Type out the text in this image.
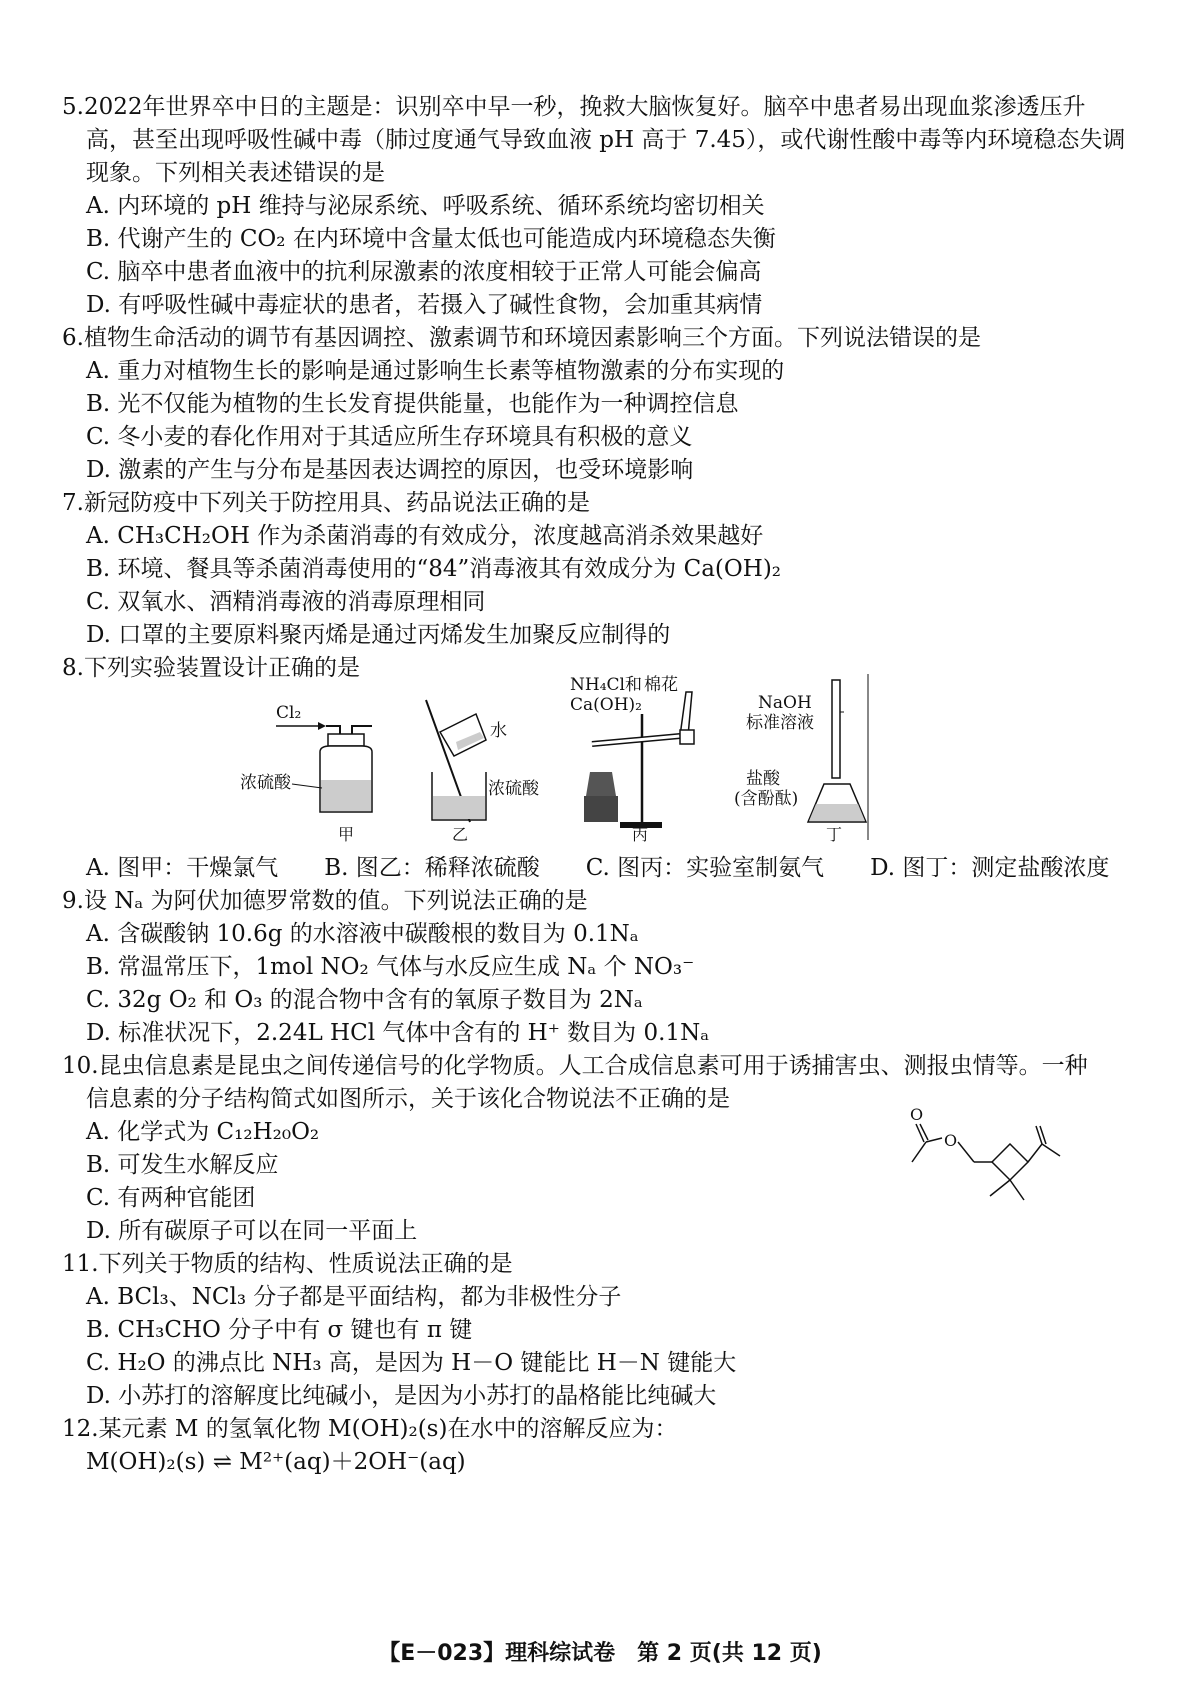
5.2022年世界卒中日的主题是：识别卒中早一秒，挽救大脑恢复好。脑卒中患者易出现血浆渗透压升
高，甚至出现呼吸性碱中毒（肺过度通气导致血液 pH 高于 7.45），或代谢性酸中毒等内环境稳态失调
现象。下列相关表述错误的是
A. 内环境的 pH 维持与泌尿系统、呼吸系统、循环系统均密切相关
B. 代谢产生的 CO₂ 在内环境中含量太低也可能造成内环境稳态失衡
C. 脑卒中患者血液中的抗利尿激素的浓度相较于正常人可能会偏高
D. 有呼吸性碱中毒症状的患者，若摄入了碱性食物，会加重其病情
6.植物生命活动的调节有基因调控、激素调节和环境因素影响三个方面。下列说法错误的是
A. 重力对植物生长的影响是通过影响生长素等植物激素的分布实现的
B. 光不仅能为植物的生长发育提供能量，也能作为一种调控信息
C. 冬小麦的春化作用对于其适应所生存环境具有积极的意义
D. 激素的产生与分布是基因表达调控的原因，也受环境影响
7.新冠防疫中下列关于防控用具、药品说法正确的是
A. CH₃CH₂OH 作为杀菌消毒的有效成分，浓度越高消杀效果越好
B. 环境、餐具等杀菌消毒使用的“84”消毒液其有效成分为 Ca(OH)₂
C. 双氧水、酒精消毒液的消毒原理相同
D. 口罩的主要原料聚丙烯是通过丙烯发生加聚反应制得的
8.下列实验装置设计正确的是
A. 图甲：干燥氯气　　B. 图乙：稀释浓硫酸　　C. 图丙：实验室制氨气　　D. 图丁：测定盐酸浓度
9.设 Nₐ 为阿伏加德罗常数的值。下列说法正确的是
A. 含碳酸钠 10.6g 的水溶液中碳酸根的数目为 0.1Nₐ
B. 常温常压下，1mol NO₂ 气体与水反应生成 Nₐ 个 NO₃⁻
C. 32g O₂ 和 O₃ 的混合物中含有的氧原子数目为 2Nₐ
D. 标准状况下，2.24L HCl 气体中含有的 H⁺ 数目为 0.1Nₐ
10.昆虫信息素是昆虫之间传递信号的化学物质。人工合成信息素可用于诱捕害虫、测报虫情等。一种
信息素的分子结构简式如图所示，关于该化合物说法不正确的是
A. 化学式为 C₁₂H₂₀O₂
B. 可发生水解反应
C. 有两种官能团
D. 所有碳原子可以在同一平面上
11.下列关于物质的结构、性质说法正确的是
A. BCl₃、NCl₃ 分子都是平面结构，都为非极性分子
B. CH₃CHO 分子中有 σ 键也有 π 键
C. H₂O 的沸点比 NH₃ 高，是因为 H－O 键能比 H－N 键能大
D. 小苏打的溶解度比纯碱小，是因为小苏打的晶格能比纯碱大
12.某元素 M 的氢氧化物 M(OH)₂(s)在水中的溶解反应为：
M(OH)₂(s) ⇌ M²⁺(aq)＋2OH⁻(aq)
Cl₂
浓硫酸
甲
水
浓硫酸
乙
NH₄Cl和
Ca(OH)₂
棉花
丙
NaOH
标准溶液
盐酸
(含酚酞)
丁
O
O
【E－023】理科综试卷　第 2 页(共 12 页)
